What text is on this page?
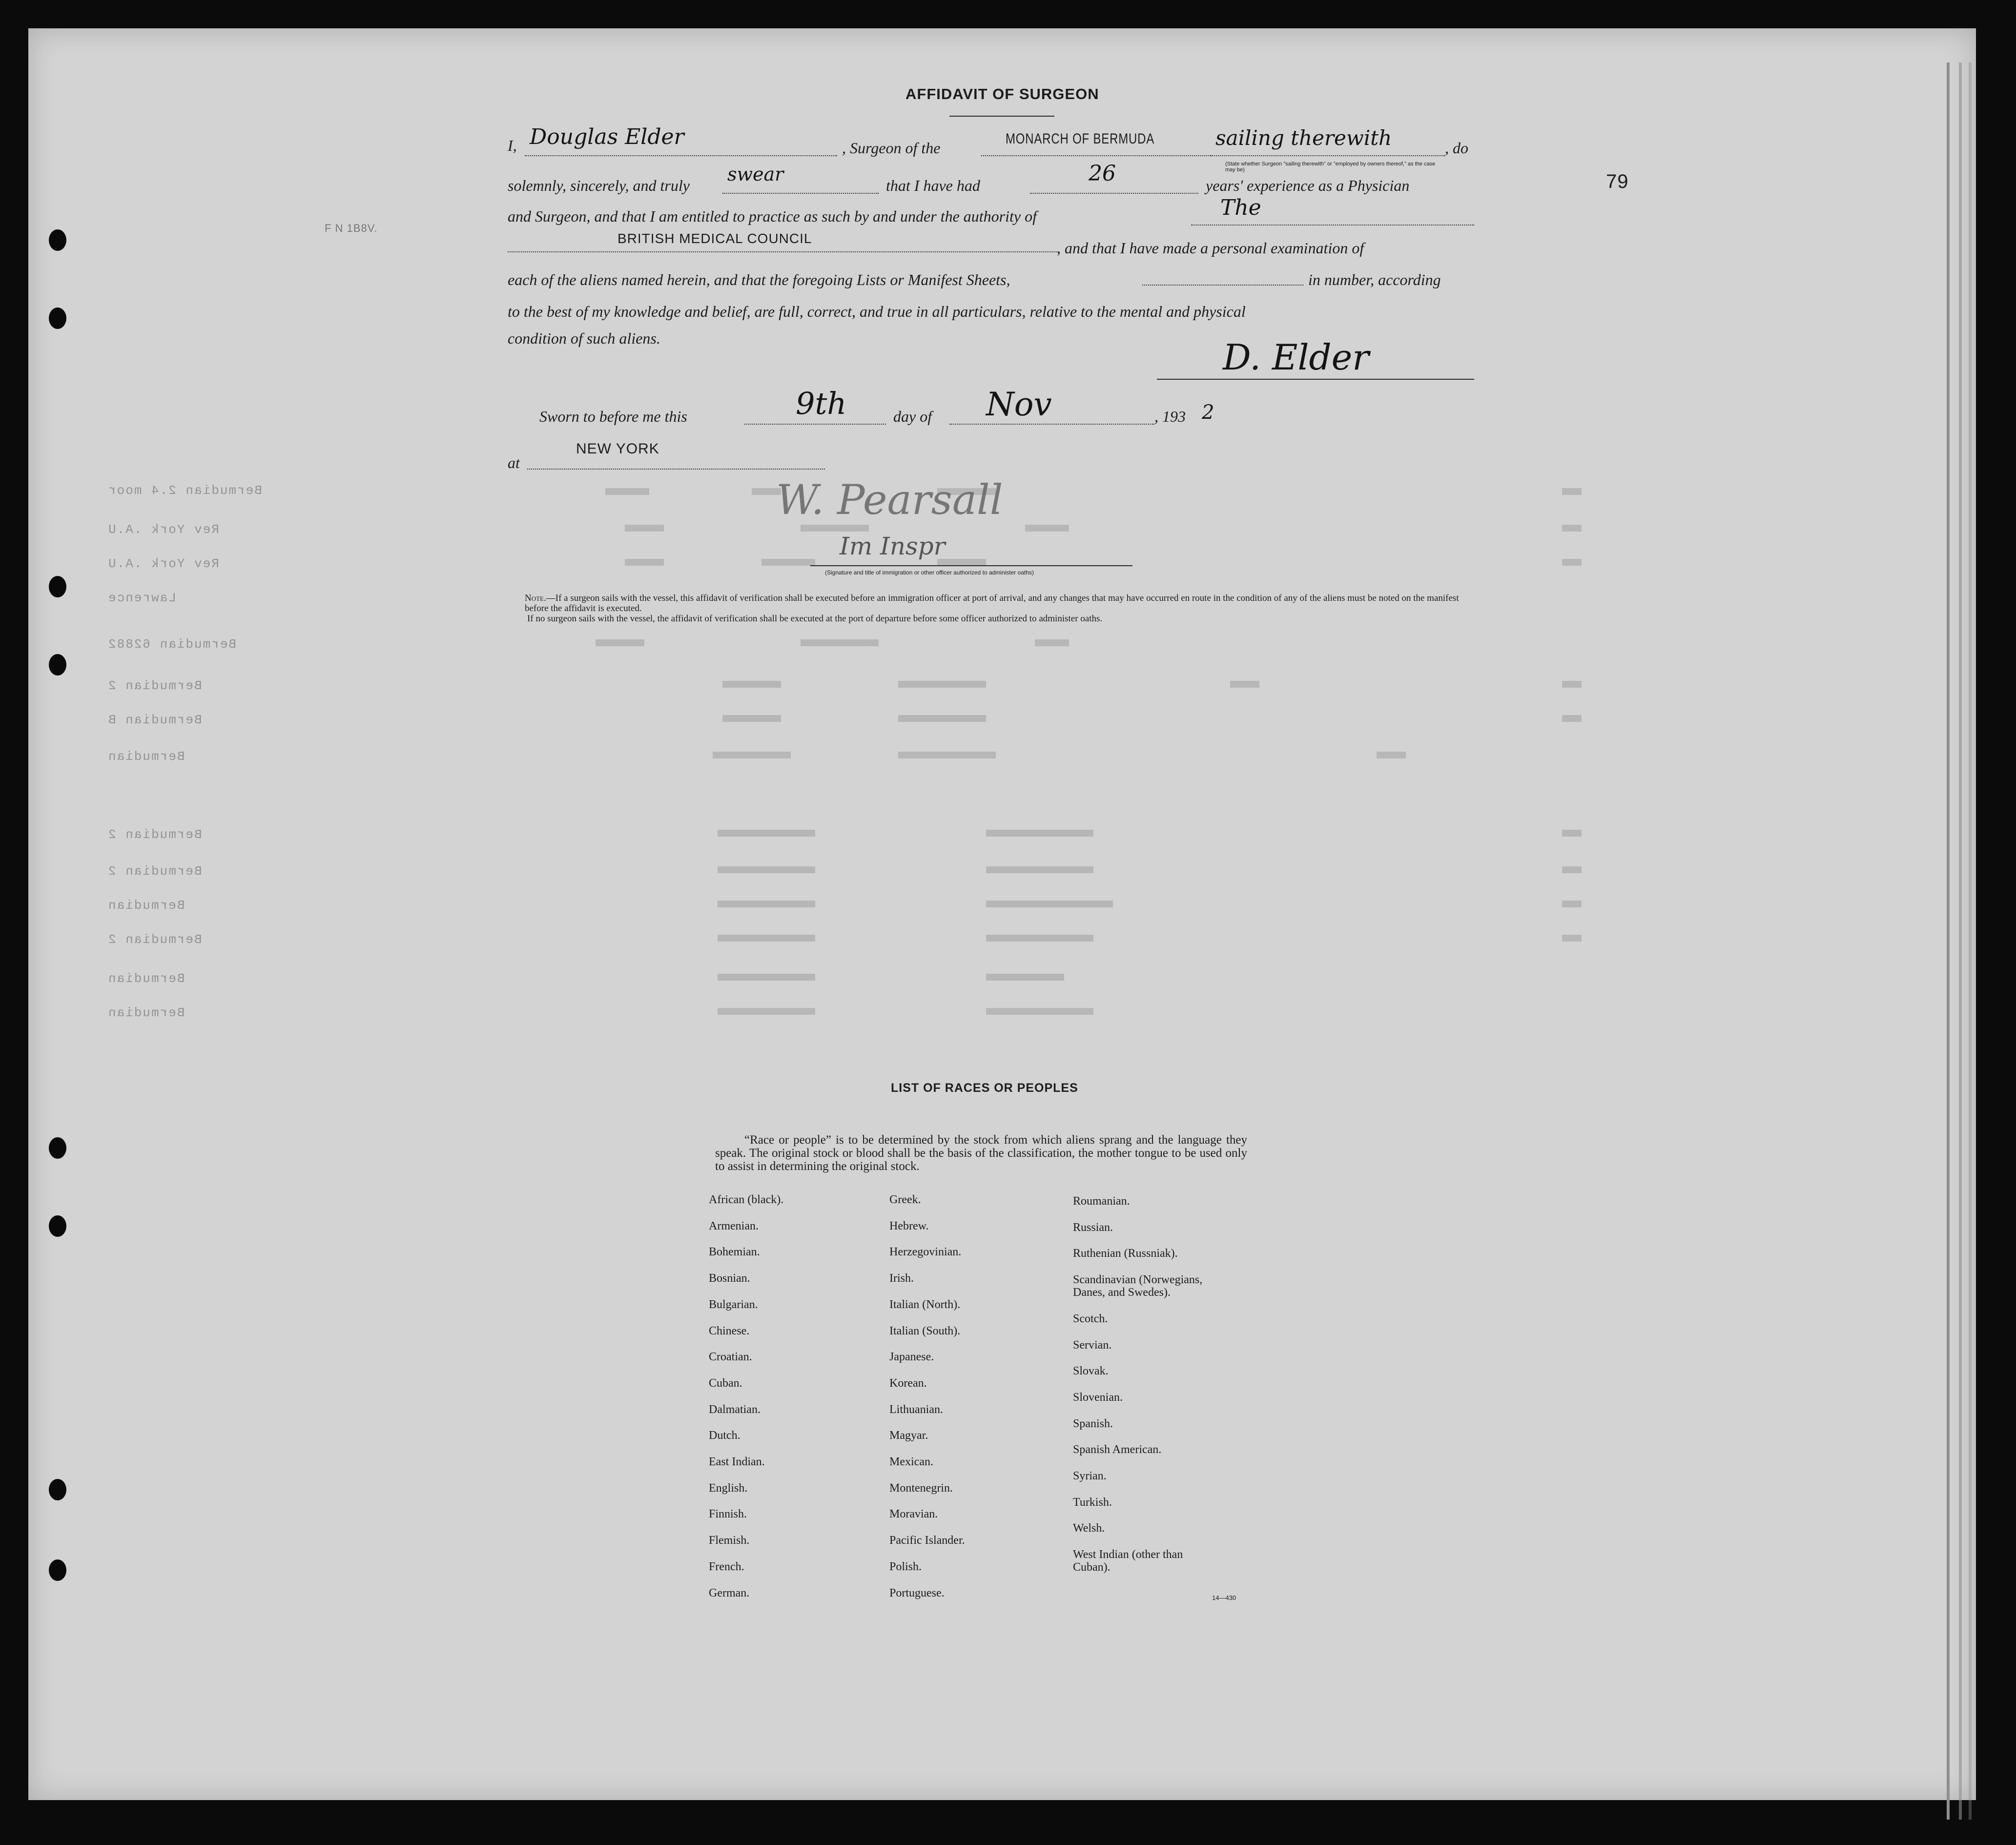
79
F N 1B8V.
Bermudian 2.4 moor
Rev York .A.U
Rev York .A.U
Lawrence
Bermudian 62882
Bermudian 2
Bermudian B
Bermudian
Bermudian 2
Bermudian 2
Bermudian
Bermudian 2
Bermudian
Bermudian
AFFIDAVIT OF SURGEON
I, Douglas Elder	, Surgeon of the
MONARCH OF BERMUDA	sailing therewith	, do
(State whether Surgeon "sailing therewith" or "employed by owners thereof," as the case may be)
solemnly, sincerely, and truly
swear
that I have had	26	years' experience as a Physician
and Surgeon, and that I am entitled to practice as such by and under the authority of	The
BRITISH MEDICAL COUNCIL
, and that I have made a personal examination of
each of the aliens named herein, and that the foregoing Lists or Manifest Sheets,	in number, according
to the best of my knowledge and belief, are full, correct, and true in all particulars, relative to the mental and physical
condition of such aliens.	D. Elder
Sworn to before me this	9th	day of Nov	, 193 2
at
NEW YORK
W. Pearsall
Im Inspr
(Signature and title of immigration or other officer authorized to administer oaths)
Note.—If a surgeon sails with the vessel, this affidavit of verification shall be executed before an immigration officer at port of arrival, and any changes that may have occurred en route in the condition of any of the aliens must be noted on the manifest before the affidavit is executed.
If no surgeon sails with the vessel, the affidavit of verification shall be executed at the port of departure before some officer authorized to administer oaths.
LIST OF RACES OR PEOPLES
“Race or people” is to be determined by the stock from which aliens sprang and the language they speak. The original stock or blood shall be the basis of the classification, the mother tongue to be used only to assist in determining the original stock.
14—430
African (black).
Armenian.
Bohemian.
Bosnian.
Bulgarian.
Chinese.
Croatian.
Cuban.
Dalmatian.
Dutch.
East Indian.
English.
Finnish.
Flemish.
French.
German.
Greek.
Hebrew.
Herzegovinian.
Irish.
Italian (North).
Italian (South).
Japanese.
Korean.
Lithuanian.
Magyar.
Mexican.
Montenegrin.
Moravian.
Pacific Islander.
Polish.
Portuguese.
Roumanian.
Russian.
Ruthenian (Russniak).
Scandinavian (Norwegians,
Danes, and Swedes).
Scotch.
Servian.
Slovak.
Slovenian.
Spanish.
Spanish American.
Syrian.
Turkish.
Welsh.
West Indian (other than
Cuban).
